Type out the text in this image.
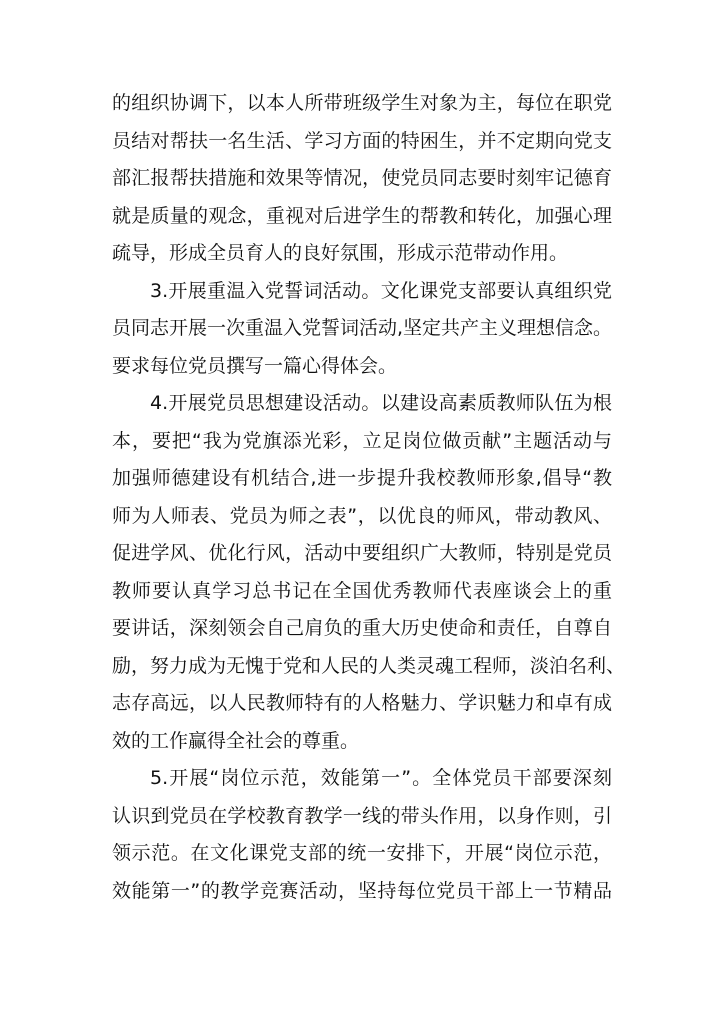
的组织协调下，以本人所带班级学生对象为主，每位在职党
员结对帮扶一名生活、学习方面的特困生，并不定期向党支
部汇报帮扶措施和效果等情况，使党员同志要时刻牢记德育
就是质量的观念，重视对后进学生的帮教和转化，加强心理
疏导，形成全员育人的良好氛围，形成示范带动作用。
3.开展重温入党誓词活动。文化课党支部要认真组织党
员同志开展一次重温入党誓词活动,坚定共产主义理想信念。
要求每位党员撰写一篇心得体会。
4.开展党员思想建设活动。以建设高素质教师队伍为根
本，要把“我为党旗添光彩，立足岗位做贡献”主题活动与
加强师德建设有机结合,进一步提升我校教师形象,倡导“教
师为人师表、党员为师之表”，以优良的师风，带动教风、
促进学风、优化行风，活动中要组织广大教师，特别是党员
教师要认真学习总书记在全国优秀教师代表座谈会上的重
要讲话，深刻领会自己肩负的重大历史使命和责任，自尊自
励，努力成为无愧于党和人民的人类灵魂工程师，淡泊名利、
志存高远，以人民教师特有的人格魅力、学识魅力和卓有成
效的工作赢得全社会的尊重。
5.开展“岗位示范，效能第一”。全体党员干部要深刻
认识到党员在学校教育教学一线的带头作用，以身作则，引
领示范。在文化课党支部的统一安排下，开展“岗位示范，
效能第一”的教学竞赛活动，坚持每位党员干部上一节精品
